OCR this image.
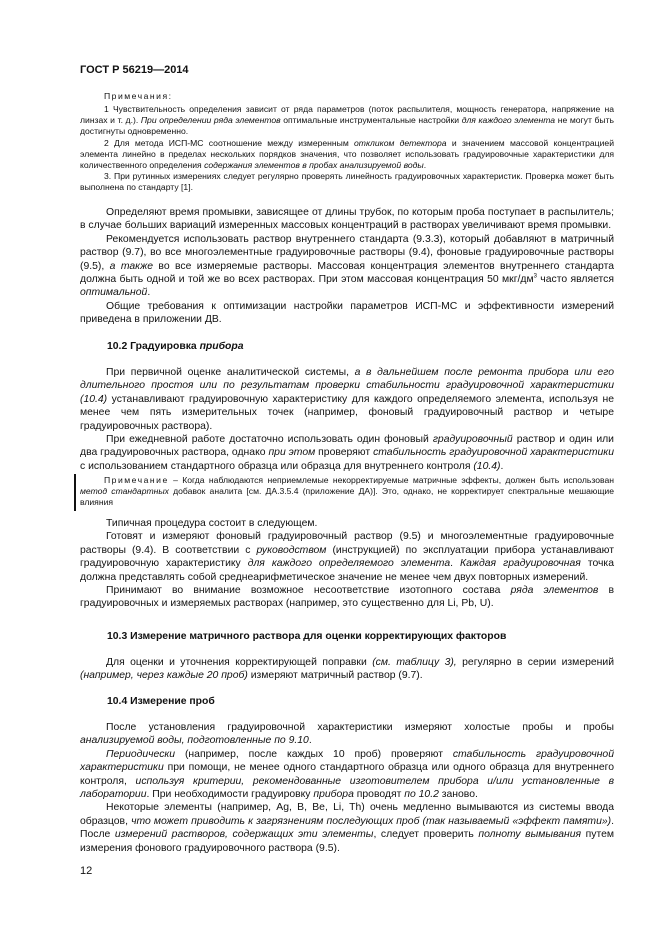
ГОСТ Р 56219—2014
Примечания:

1 Чувствительность определения зависит от ряда параметров (поток распылителя, мощность генератора, напряжение на линзах и т. д.). При определении ряда элементов оптимальные инструментальные настройки для каждого элемента не могут быть достигнуты одновременно.

2 Для метода ИСП-МС соотношение между измеренным откликом детектора и значением массовой концентрацией элемента линейно в пределах нескольких порядков значения, что позволяет использовать градуировочные характеристики для количественного определения содержания элементов в пробах анализируемой воды.

3. При рутинных измерениях следует регулярно проверять линейность градуировочных характеристик. Проверка может быть выполнена по стандарту [1].

Определяют время промывки, зависящее от длины трубок, по которым проба поступает в распылитель; в случае больших вариаций измеренных массовых концентраций в растворах увеличивают время промывки.

Рекомендуется использовать раствор внутреннего стандарта (9.3.3), который добавляют в матричный раствор (9.7), во все многоэлементные градуировочные растворы (9.4), фоновые градуировочные растворы (9.5), а также во все измеряемые растворы. Массовая концентрация элементов внутреннего стандарта должна быть одной и той же во всех растворах. При этом массовая концентрация 50 мкг/$дм^3$ часто является оптимальной.

Общие требования к оптимизации настройки параметров ИСП-МС и эффективности измерений приведена в приложении ДВ.

10.2 Градуировка прибора

При первичной оценке аналитической системы, а в дальнейшем после ремонта прибора или его длительного простоя или по результатам проверки стабильности градуировочной характеристики (10.4) устанавливают градуировочную характеристику для каждого определяемого элемента, используя не менее чем пять измерительных точек (например, фоновый градуировочный раствор и четыре градуировочных раствора).

При ежедневной работе достаточно использовать один фоновый градуировочный раствор и один или два градуировочных раствора, однако при этом проверяют стабильность градуировочной характеристики с использованием стандартного образца или образца для внутреннего контроля (10.4).

Примечание – Когда наблюдаются неприемлемые некорректируемые матричные эффекты, должен быть использован метод стандартных добавок аналита [см. ДА.3.5.4 (приложение ДА)]. Это, однако, не корректирует спектральные мешающие влияния

Типичная процедура состоит в следующем.

Готовят и измеряют фоновый градуировочный раствор (9.5) и многоэлементные градуировочные растворы (9.4). В соответствии с руководством (инструкцией) по эксплуатации прибора устанавливают градуировочную характеристику для каждого определяемого элемента. Каждая градуировочная точка должна представлять собой среднеарифметическое значение не менее чем двух повторных измерений.

Принимают во внимание возможное несоответствие изотопного состава ряда элементов в градуировочных и измеряемых растворах (например, это существенно для Li, Pb, U).

10.3 Измерение матричного раствора для оценки корректирующих факторов

Для оценки и уточнения корректирующей поправки (см. таблицу 3), регулярно в серии измерений (например, через каждые 20 проб) измеряют матричный раствор (9.7).

10.4 Измерение проб

После установления градуировочной характеристики измеряют холостые пробы и пробы анализируемой воды, подготовленные по 9.10.

Периодически (например, после каждых 10 проб) проверяют стабильность градуировочной характеристики при помощи, не менее одного стандартного образца или одного образца для внутреннего контроля, используя критерии, рекомендованные изготовителем прибора и/или установленные в лаборатории. При необходимости градуировку прибора проводят по 10.2 заново.

Некоторые элементы (например, Ag, B, Be, Li, Th) очень медленно вымываются из системы ввода образцов, что может приводить к загрязнениям последующих проб (так называемый «эффект памяти»). После измерений растворов, содержащих эти элементы, следует проверить полноту вымывания путем измерения фонового градуировочного раствора (9.5).

12
